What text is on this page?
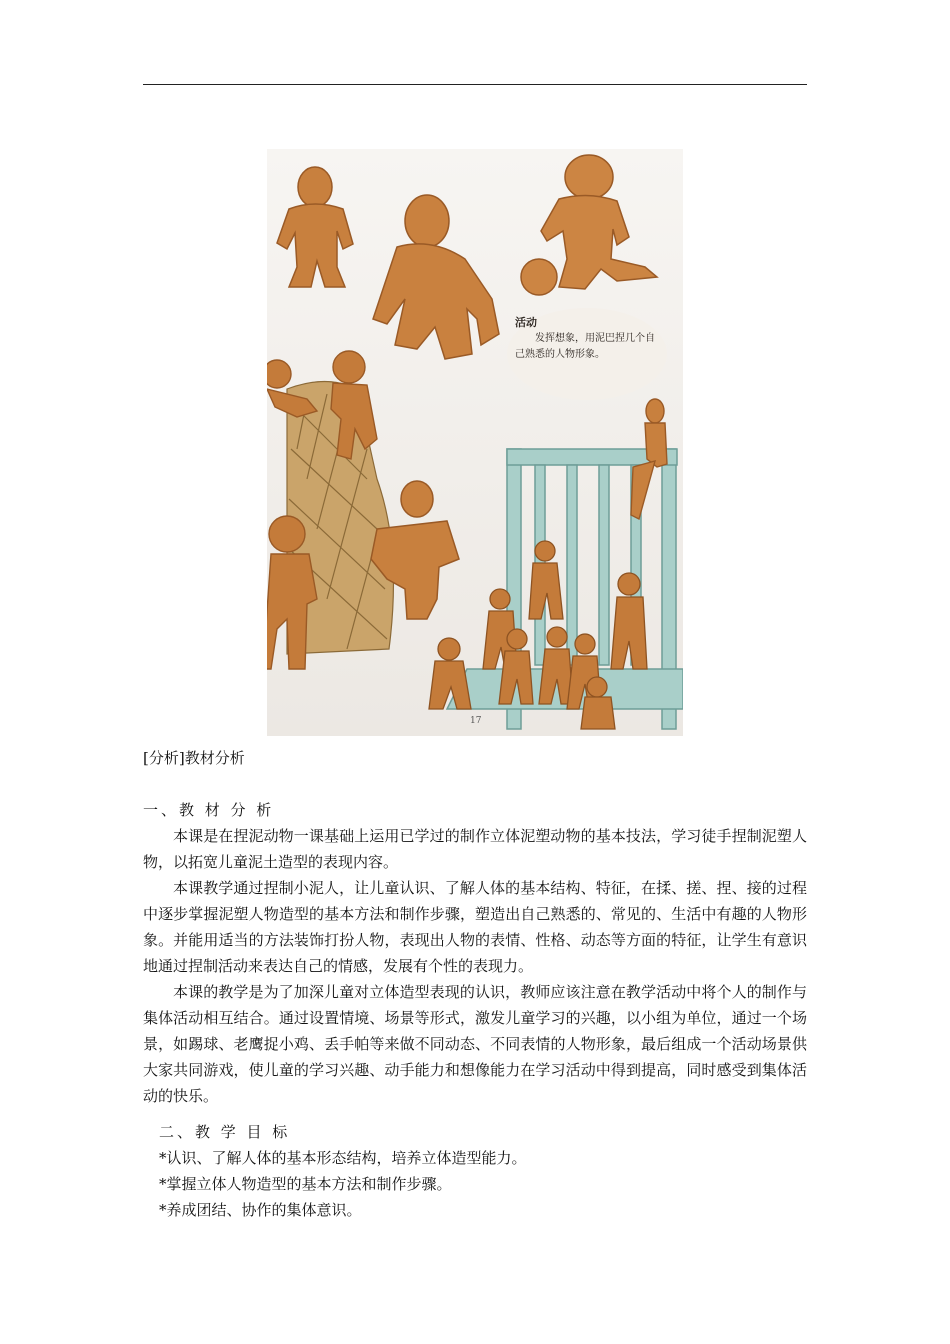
活动
发挥想象，用泥巴捏几个自己熟悉的人物形象。
17
[分析]教材分析

一、教 材 分 析

本课是在捏泥动物一课基础上运用已学过的制作立体泥塑动物的基本技法，学习徒手捏制泥塑人物，以拓宽儿童泥土造型的表现内容。

本课教学通过捏制小泥人，让儿童认识、了解人体的基本结构、特征，在揉、搓、捏、接的过程中逐步掌握泥塑人物造型的基本方法和制作步骤，塑造出自己熟悉的、常见的、生活中有趣的人物形象。并能用适当的方法装饰打扮人物，表现出人物的表情、性格、动态等方面的特征，让学生有意识地通过捏制活动来表达自己的情感，发展有个性的表现力。

本课的教学是为了加深儿童对立体造型表现的认识，教师应该注意在教学活动中将个人的制作与集体活动相互结合。通过设置情境、场景等形式，激发儿童学习的兴趣，以小组为单位，通过一个场景，如踢球、老鹰捉小鸡、丢手帕等来做不同动态、不同表情的人物形象，最后组成一个活动场景供大家共同游戏，使儿童的学习兴趣、动手能力和想像能力在学习活动中得到提高，同时感受到集体活动的快乐。

二、教 学 目 标

*认识、了解人体的基本形态结构，培养立体造型能力。

*掌握立体人物造型的基本方法和制作步骤。

*养成团结、协作的集体意识。
